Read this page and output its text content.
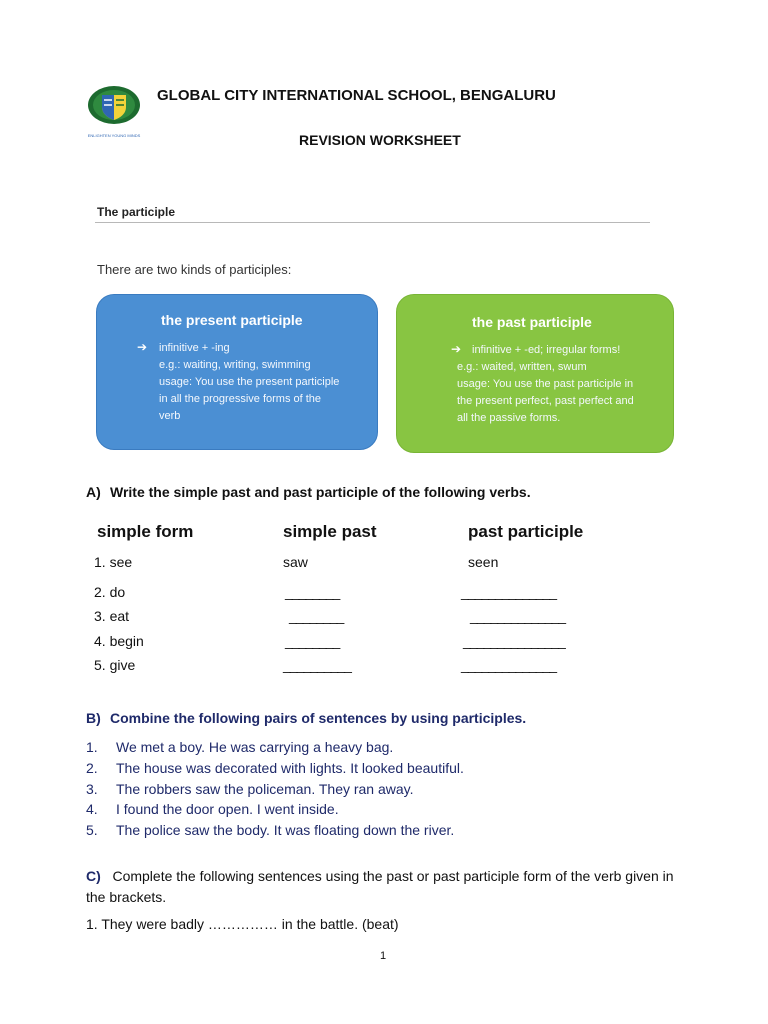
ENLIGHTEN YOUNG MINDS
GLOBAL CITY INTERNATIONAL SCHOOL, BENGALURU
REVISION WORKSHEET
The participle
There are two kinds of participles:
the present participle
➔ infinitive + -ing
e.g.: waiting, writing, swimming
usage: You use the present participle
in all the progressive forms of the
verb
the past participle
➔ infinitive + -ed; irregular forms!
e.g.: waited, written, swum
usage: You use the past participle in
the present perfect, past perfect and
all the passive forms.
A) Write the simple past and past participle of the following verbs.
simple form	simple past	past participle
1. see	saw	seen
2. do	________	______________
3. eat	________	______________
4. begin	________	_______________
5. give	__________	______________
B) Combine the following pairs of sentences by using participles.
1. We met a boy. He was carrying a heavy bag.
2. The house was decorated with lights. It looked beautiful.
3. The robbers saw the policeman. They ran away.
4. I found the door open. I went inside.
5. The police saw the body. It was floating down the river.
C) Complete the following sentences using the past or past participle form of the verb given in the brackets.
1. They were badly …………… in the battle. (beat)
1
